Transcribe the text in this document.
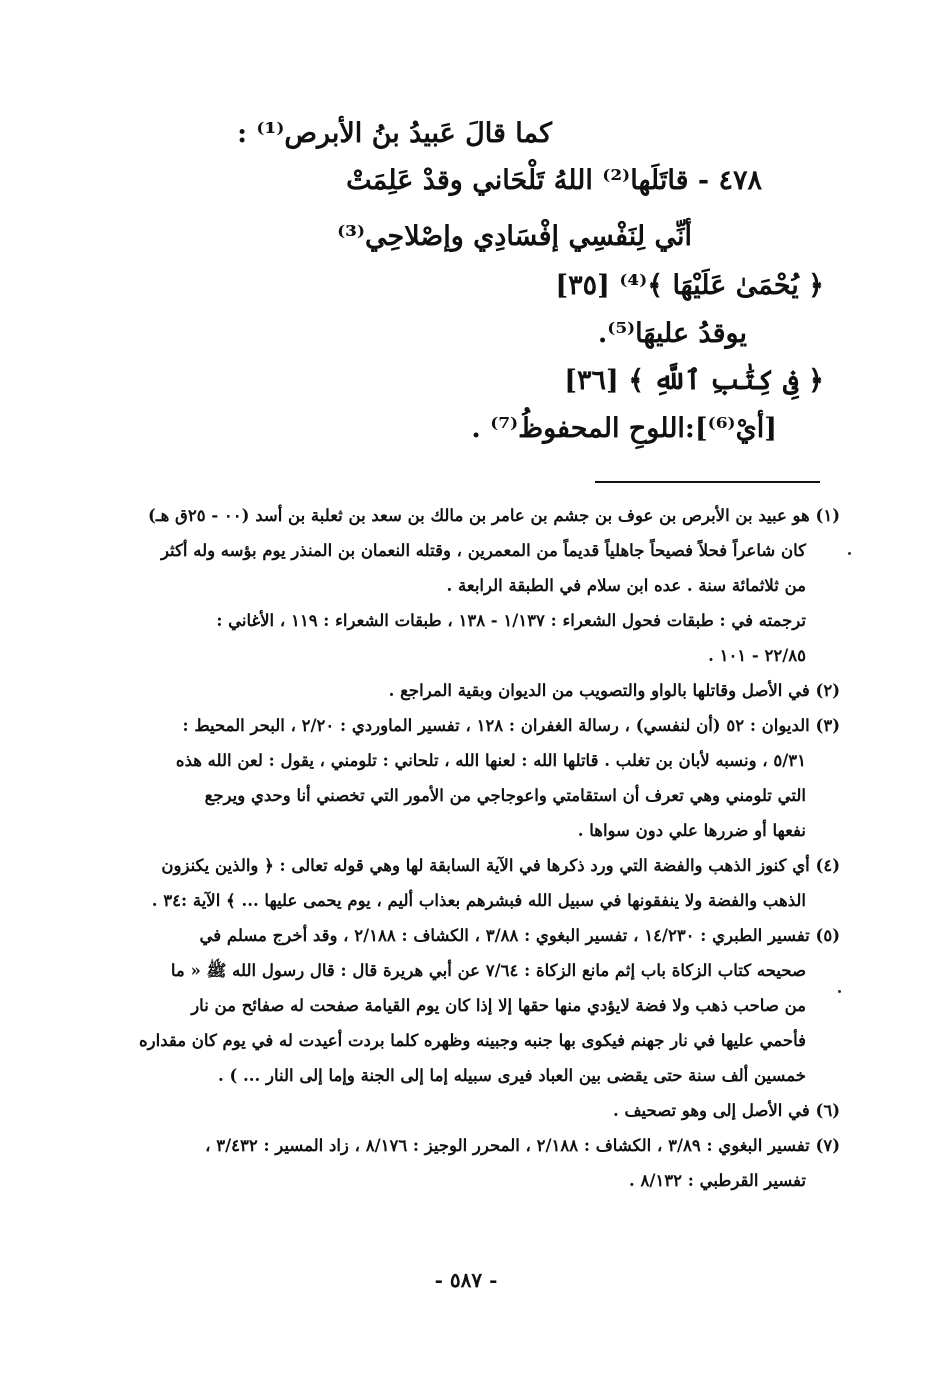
كما قالَ عَبيدُ بنُ الأبرص⁽¹⁾ :
٤٧٨ - قاتَلَها⁽²⁾ اللهُ تَلْحَاني وقدْ عَلِمَتْ
أنِّي لِنَفْسِي إفْسَادِي وإصْلاحِي⁽³⁾
﴿ يُحْمَىٰ عَلَيْهَا ﴾⁽⁴⁾ [٣٥]
يوقدُ عليهَا⁽⁵⁾.
﴿ فِى كِتَٰبِ ٱللَّهِ ﴾ [٣٦]
[أيْ⁽⁶⁾]:اللوحِ المحفوظُ⁽⁷⁾ .

(١) هو عبيد بن الأبرص بن عوف بن جشم بن عامر بن مالك بن سعد بن ثعلبة بن أسد (٠٠ - ٢٥ق هـ)

كان شاعراً فحلاً فصيحاً جاهلياً قديماً من المعمرين ، وقتله النعمان بن المنذر يوم بؤسه وله أكثر

من ثلاثمائة سنة . عده ابن سلام في الطبقة الرابعة .

ترجمته في : طبقات فحول الشعراء : ١/١٣٧ - ١٣٨ ، طبقات الشعراء : ١١٩ ، الأغاني :

٢٢/٨٥ - ١٠١ .

(٢) في الأصل وقاتلها بالواو والتصويب من الديوان وبقية المراجع .

(٣) الديوان : ٥٢ (أن لنفسي) ، رسالة الغفران : ١٢٨ ، تفسير الماوردي : ٢/٢٠ ، البحر المحيط :

٥/٣١ ، ونسبه لأبان بن تغلب . قاتلها الله : لعنها الله ، تلحاني : تلومني ، يقول : لعن الله هذه

التي تلومني وهي تعرف أن استقامتي واعوجاجي من الأمور التي تخصني أنا وحدي ويرجع

نفعها أو ضررها علي دون سواها .

(٤) أي كنوز الذهب والفضة التي ورد ذكرها في الآية السابقة لها وهي قوله تعالى : ﴿ والذين يكنزون

الذهب والفضة ولا ينفقونها في سبيل الله فبشرهم بعذاب أليم ، يوم يحمى عليها ... ﴾ الآية :٣٤ .

(٥) تفسير الطبري : ١٤/٢٣٠ ، تفسير البغوي : ٣/٨٨ ، الكشاف : ٢/١٨٨ ، وقد أخرج مسلم في

صحيحه كتاب الزكاة باب إثم مانع الزكاة : ٧/٦٤ عن أبي هريرة قال : قال رسول الله ﷺ « ما

من صاحب ذهب ولا فضة لايؤدي منها حقها إلا إذا كان يوم القيامة صفحت له صفائح من نار

فأحمي عليها في نار جهنم فيكوى بها جنبه وجبينه وظهره كلما بردت أعيدت له في يوم كان مقداره

خمسين ألف سنة حتى يقضى بين العباد فيرى سبيله إما إلى الجنة وإما إلى النار ... ) .

(٦) في الأصل إلى وهو تصحيف .

(٧) تفسير البغوي : ٣/٨٩ ، الكشاف : ٢/١٨٨ ، المحرر الوجيز : ٨/١٧٦ ، زاد المسير : ٣/٤٣٢ ،

تفسير القرطبي : ٨/١٣٢ .

- ٥٨٧ -
